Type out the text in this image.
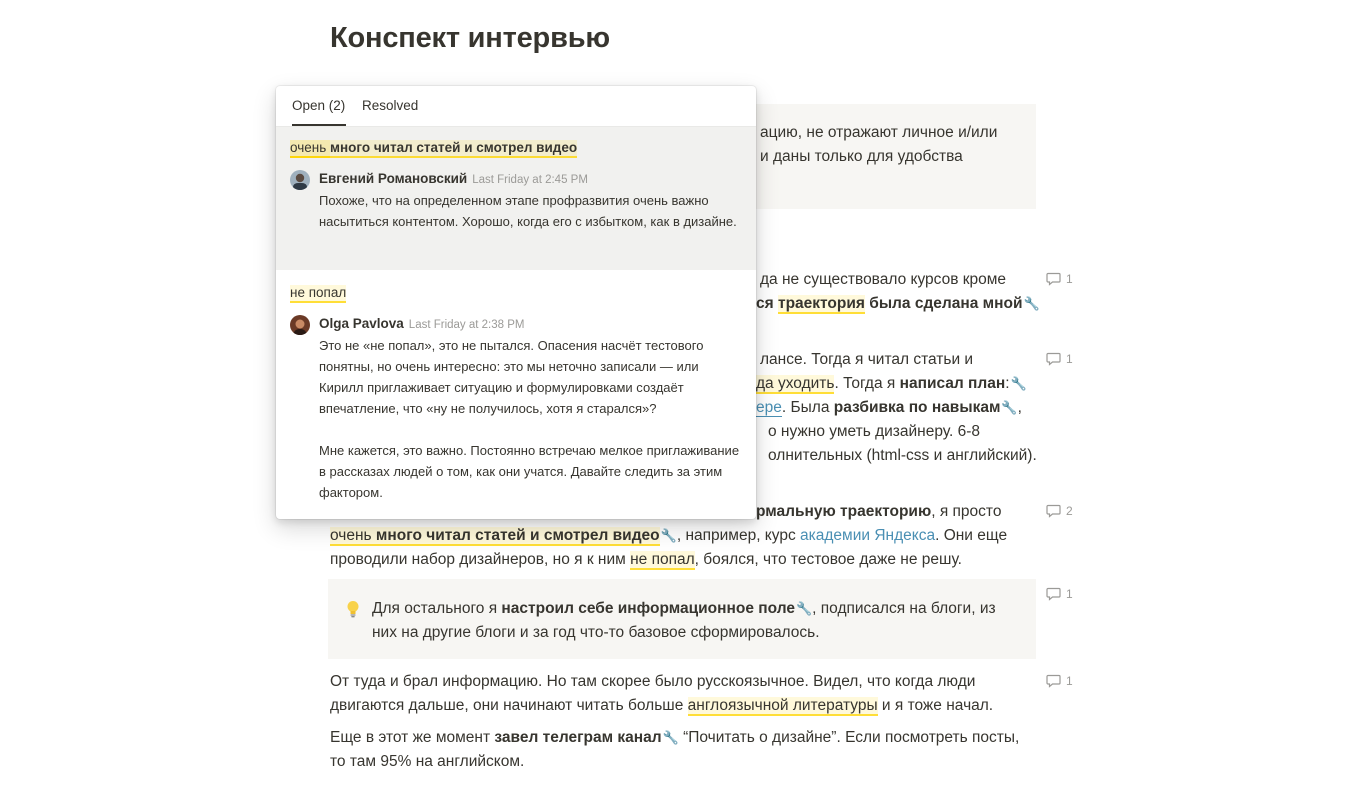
Конспект интервью
ацию, не отражают личное и/или
и даны только для удобства
да не существовало курсов кроме
ся траектория была сделана мной🔧
лансе. Тогда я читал статьи и
да уходить. Тогда я написал план:🔧
ере. Была разбивка по навыкам🔧,
о нужно уметь дизайнеру. 6-8
олнительных (html-css и английский).
рмальную траекторию, я просто
очень много читал статей и смотрел видео🔧, например, курс академии Яндекса. Они еще
проводили набор дизайнеров, но я к ним не попал, боялся, что тестовое даже не решу.
Для остального я настроил себе информационное поле🔧, подписался на блоги, из
них на другие блоги и за год что-то базовое сформировалось.
От туда и брал информацию. Но там скорее было русскоязычное. Видел, что когда люди
двигаются дальше, они начинают читать больше англоязычной литературы и я тоже начал.
Еще в этот же момент завел телеграм канал🔧 “Почитать о дизайне”. Если посмотреть посты,
то там 95% на английском.
1
1
2
1
1
Open (2) Resolved
очень много читал статей и смотрел видео
Евгений Романовский Last Friday at 2:45 PM

Похоже, что на определенном этапе профразвития очень важно насытиться контентом. Хорошо, когда его с избытком, как в дизайне.

не попал
Olga Pavlova Last Friday at 2:38 PM

Это не «не попал», это не пытался. Опасения насчёт тестового понятны, но очень интересно: это мы неточно записали — или Кирилл приглаживает ситуацию и формулировками создаёт впечатление, что «ну не получилось, хотя я старался»?

Мне кажется, это важно. Постоянно встречаю мелкое приглаживание в рассказах людей о том, как они учатся. Давайте следить за этим фактором.
